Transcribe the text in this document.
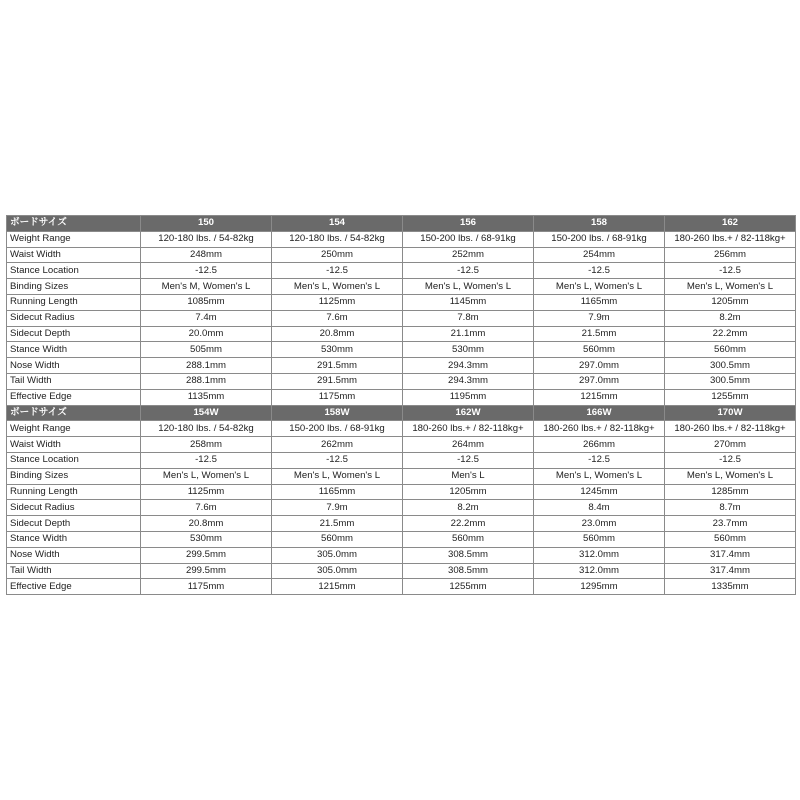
ボードサイズ	150	154	156	158	162
Weight Range	120-180 lbs. / 54-82kg	120-180 lbs. / 54-82kg	150-200 lbs. / 68-91kg	150-200 lbs. / 68-91kg	180-260 lbs.+ / 82-118kg+
Waist Width	248mm	250mm	252mm	254mm	256mm
Stance Location	-12.5	-12.5	-12.5	-12.5	-12.5
Binding Sizes	Men's M, Women's L	Men's L, Women's L	Men's L, Women's L	Men's L, Women's L	Men's L, Women's L
Running Length	1085mm	1125mm	1145mm	1165mm	1205mm
Sidecut Radius	7.4m	7.6m	7.8m	7.9m	8.2m
Sidecut Depth	20.0mm	20.8mm	21.1mm	21.5mm	22.2mm
Stance Width	505mm	530mm	530mm	560mm	560mm
Nose Width	288.1mm	291.5mm	294.3mm	297.0mm	300.5mm
Tail Width	288.1mm	291.5mm	294.3mm	297.0mm	300.5mm
Effective Edge	1135mm	1175mm	1195mm	1215mm	1255mm
ボードサイズ	154W	158W	162W	166W	170W
Weight Range	120-180 lbs. / 54-82kg	150-200 lbs. / 68-91kg	180-260 lbs.+ / 82-118kg+	180-260 lbs.+ / 82-118kg+	180-260 lbs.+ / 82-118kg+
Waist Width	258mm	262mm	264mm	266mm	270mm
Stance Location	-12.5	-12.5	-12.5	-12.5	-12.5
Binding Sizes	Men's L, Women's L	Men's L, Women's L	Men's L	Men's L, Women's L	Men's L, Women's L
Running Length	1125mm	1165mm	1205mm	1245mm	1285mm
Sidecut Radius	7.6m	7.9m	8.2m	8.4m	8.7m
Sidecut Depth	20.8mm	21.5mm	22.2mm	23.0mm	23.7mm
Stance Width	530mm	560mm	560mm	560mm	560mm
Nose Width	299.5mm	305.0mm	308.5mm	312.0mm	317.4mm
Tail Width	299.5mm	305.0mm	308.5mm	312.0mm	317.4mm
Effective Edge	1175mm	1215mm	1255mm	1295mm	1335mm
